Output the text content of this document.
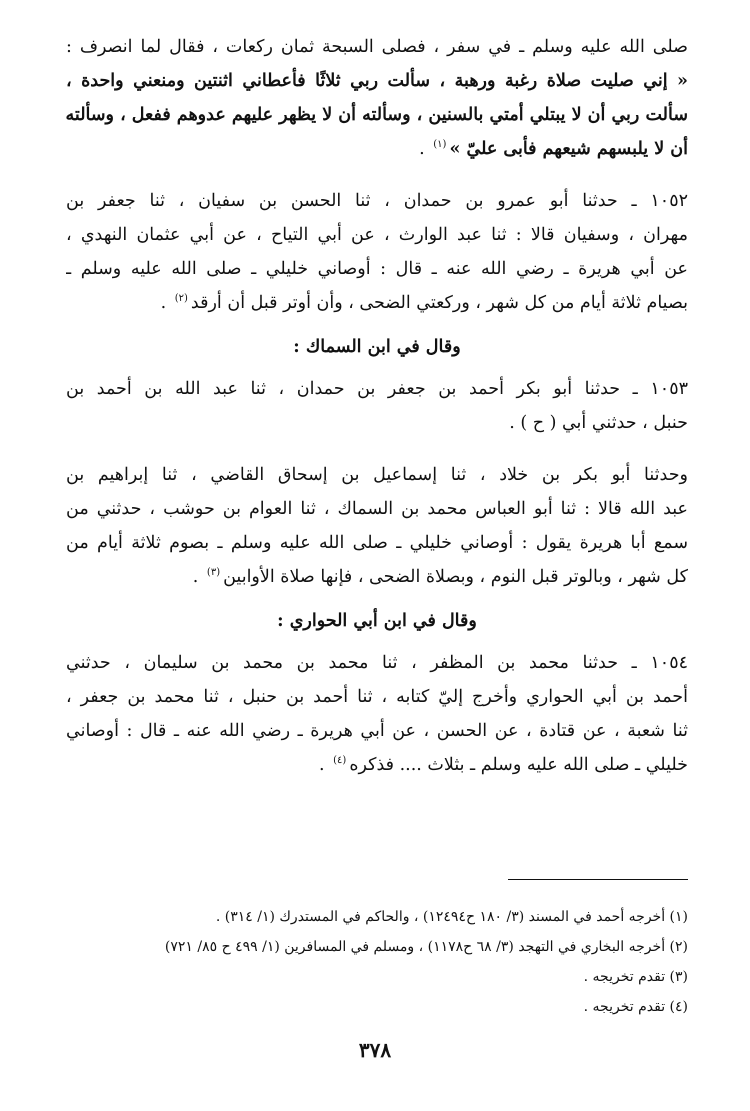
صلى الله عليه وسلم ـ في سفر ، فصلى السبحة ثمان ركعات ، فقال لما انصرف :
« إني صليت صلاة رغبة ورهبة ، سألت ربي ثلاثًا فأعطاني اثنتين ومنعني واحدة ،
سألت ربي أن لا يبتلي أمتي بالسنين ، وسألته أن لا يظهر عليهم عدوهم ففعل ، وسألته
أن لا يلبسهم شيعهم فأبى عليّ »(١) .
١٠٥٢ ـ حدثنا أبو عمرو بن حمدان ، ثنا الحسن بن سفيان ، ثنا جعفر بن
مهران ، وسفيان قالا : ثنا عبد الوارث ، عن أبي التياح ، عن أبي عثمان النهدي ،
عن أبي هريرة ـ رضي الله عنه ـ قال : أوصاني خليلي ـ صلى الله عليه وسلم ـ
بصيام ثلاثة أيام من كل شهر ، وركعتي الضحى ، وأن أوتر قبل أن أرقد(٢) .
وقال في ابن السماك :
١٠٥٣ ـ حدثنا أبو بكر أحمد بن جعفر بن حمدان ، ثنا عبد الله بن أحمد بن
حنبل ، حدثني أبي ( ح ) .
وحدثنا أبو بكر بن خلاد ، ثنا إسماعيل بن إسحاق القاضي ، ثنا إبراهيم بن
عبد الله قالا : ثنا أبو العباس محمد بن السماك ، ثنا العوام بن حوشب ، حدثني من
سمع أبا هريرة يقول : أوصاني خليلي ـ صلى الله عليه وسلم ـ بصوم ثلاثة أيام من
كل شهر ، وبالوتر قبل النوم ، وبصلاة الضحى ، فإنها صلاة الأوابين(٣) .
وقال في ابن أبي الحواري :
١٠٥٤ ـ حدثنا محمد بن المظفر ، ثنا محمد بن محمد بن سليمان ، حدثني
أحمد بن أبي الحواري وأخرج إليّ كتابه ، ثنا أحمد بن حنبل ، ثنا محمد بن جعفر ،
ثنا شعبة ، عن قتادة ، عن الحسن ، عن أبي هريرة ـ رضي الله عنه ـ قال : أوصاني
خليلي ـ صلى الله عليه وسلم ـ بثلاث .... فذكره(٤) .
(١) أخرجه أحمد في المسند (٣/ ١٨٠ ح١٢٤٩٤) ، والحاكم في المستدرك (١/ ٣١٤) .
(٢) أخرجه البخاري في التهجد (٣/ ٦٨ ح١١٧٨) ، ومسلم في المسافرين (١/ ٤٩٩ ح ٨٥/ ٧٢١)
(٣) تقدم تخريجه .
(٤) تقدم تخريجه .
٣٧٨
